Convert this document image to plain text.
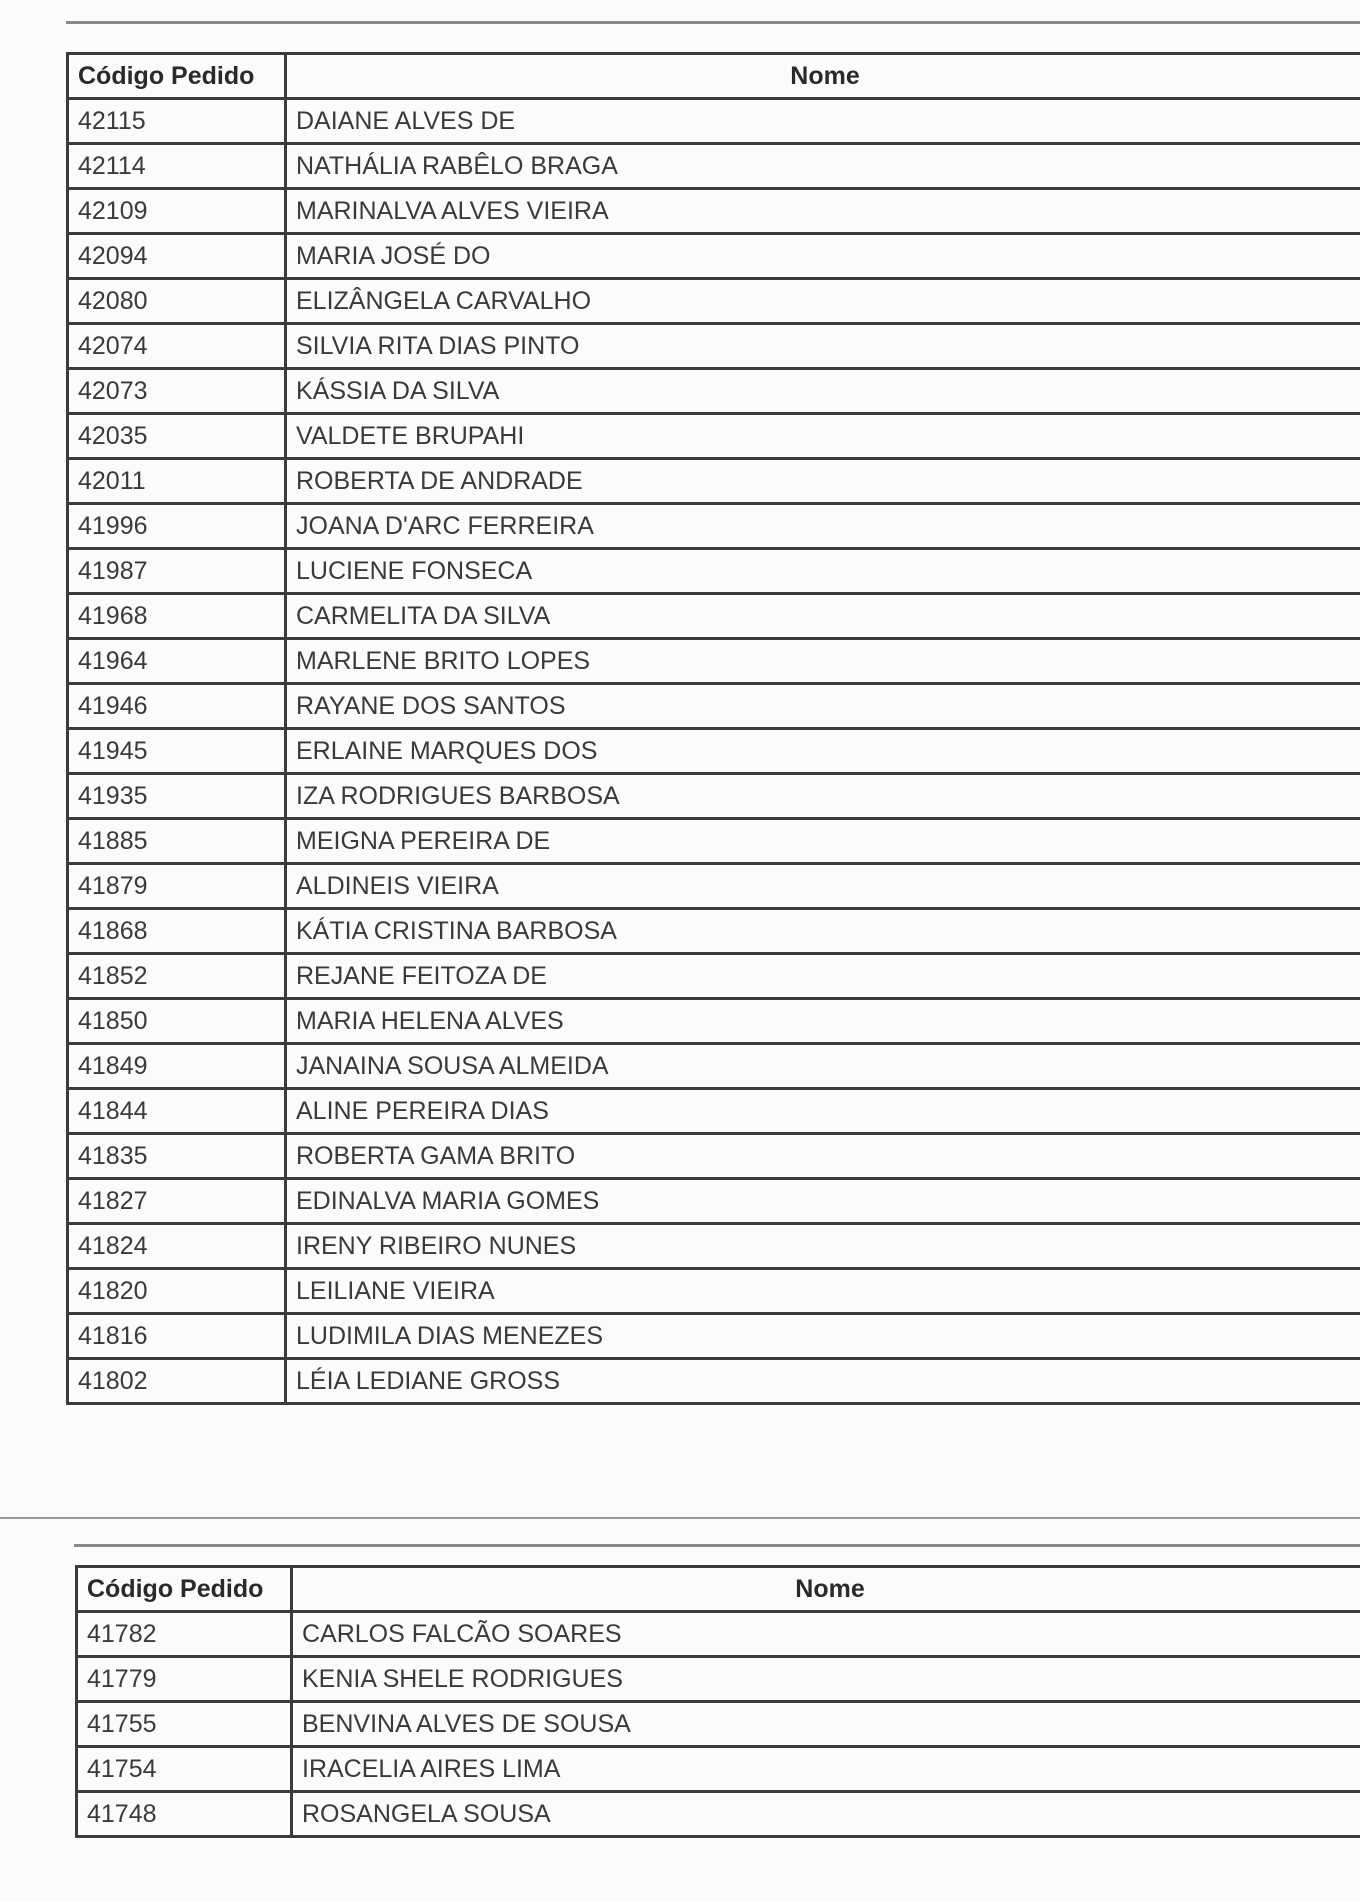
Código Pedido	Nome
42115	DAIANE ALVES DE
42114	NATHÁLIA RABÊLO BRAGA
42109	MARINALVA ALVES VIEIRA
42094	MARIA JOSÉ DO
42080	ELIZÂNGELA CARVALHO
42074	SILVIA RITA DIAS PINTO
42073	KÁSSIA DA SILVA
42035	VALDETE BRUPAHI
42011	ROBERTA DE ANDRADE
41996	JOANA D'ARC FERREIRA
41987	LUCIENE FONSECA
41968	CARMELITA DA SILVA
41964	MARLENE BRITO LOPES
41946	RAYANE DOS SANTOS
41945	ERLAINE MARQUES DOS
41935	IZA RODRIGUES BARBOSA
41885	MEIGNA PEREIRA DE
41879	ALDINEIS VIEIRA
41868	KÁTIA CRISTINA BARBOSA
41852	REJANE FEITOZA DE
41850	MARIA HELENA ALVES
41849	JANAINA SOUSA ALMEIDA
41844	ALINE PEREIRA DIAS
41835	ROBERTA GAMA BRITO
41827	EDINALVA MARIA GOMES
41824	IRENY RIBEIRO NUNES
41820	LEILIANE VIEIRA
41816	LUDIMILA DIAS MENEZES
41802	LÉIA LEDIANE GROSS
Código Pedido	Nome
41782	CARLOS FALCÃO SOARES
41779	KENIA SHELE RODRIGUES
41755	BENVINA ALVES DE SOUSA
41754	IRACELIA AIRES LIMA
41748	ROSANGELA SOUSA
